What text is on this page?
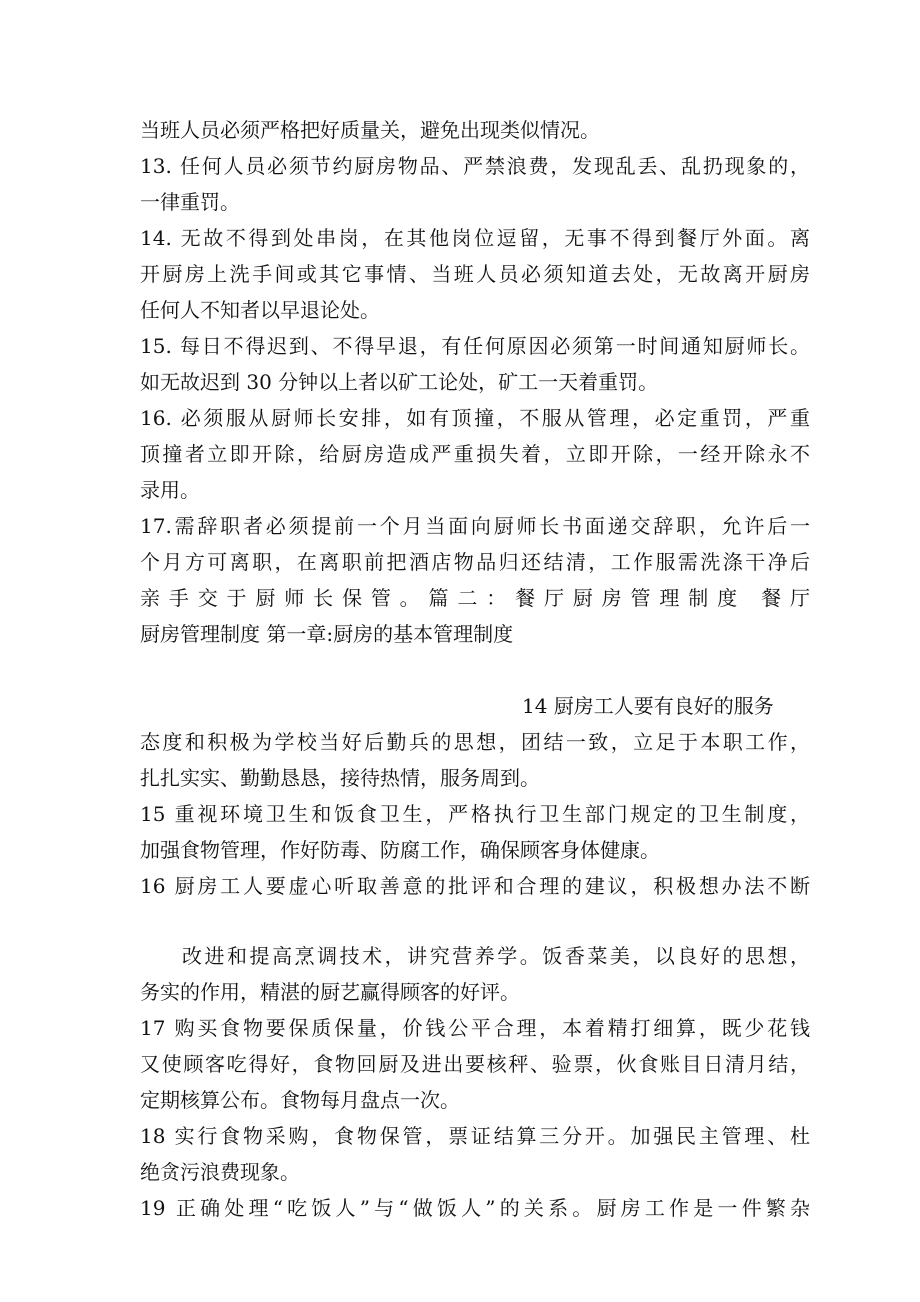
当班人员必须严格把好质量关，避免出现类似情况。
13. 任何人员必须节约厨房物品、严禁浪费，发现乱丢、乱扔现象的，
一律重罚。
14. 无故不得到处串岗，在其他岗位逗留，无事不得到餐厅外面。离
开厨房上洗手间或其它事情、当班人员必须知道去处，无故离开厨房
任何人不知者以早退论处。
15. 每日不得迟到、不得早退，有任何原因必须第一时间通知厨师长。
如无故迟到 30 分钟以上者以矿工论处，矿工一天着重罚。
16. 必须服从厨师长安排，如有顶撞，不服从管理，必定重罚，严重
顶撞者立即开除，给厨房造成严重损失着，立即开除，一经开除永不
录用。
17.需辞职者必须提前一个月当面向厨师长书面递交辞职，允许后一
个月方可离职，在离职前把酒店物品归还结清，工作服需洗涤干净后
亲手交于厨师长保管。篇二：餐厅厨房管理制度 餐厅
厨房管理制度 第一章:厨房的基本管理制度
14 厨房工人要有良好的服务
态度和积极为学校当好后勤兵的思想，团结一致，立足于本职工作，
扎扎实实、勤勤恳恳，接待热情，服务周到。
15 重视环境卫生和饭食卫生，严格执行卫生部门规定的卫生制度，
加强食物管理，作好防毒、防腐工作，确保顾客身体健康。
16 厨房工人要虚心听取善意的批评和合理的建议，积极想办法不断
改进和提高烹调技术，讲究营养学。饭香菜美，以良好的思想，
务实的作用，精湛的厨艺赢得顾客的好评。
17 购买食物要保质保量，价钱公平合理，本着精打细算，既少花钱
又使顾客吃得好，食物回厨及进出要核秤、验票，伙食账目日清月结，
定期核算公布。食物每月盘点一次。
18 实行食物采购，食物保管，票证结算三分开。加强民主管理、杜
绝贪污浪费现象。
19 正确处理“吃饭人”与“做饭人”的关系。厨房工作是一件繁杂
